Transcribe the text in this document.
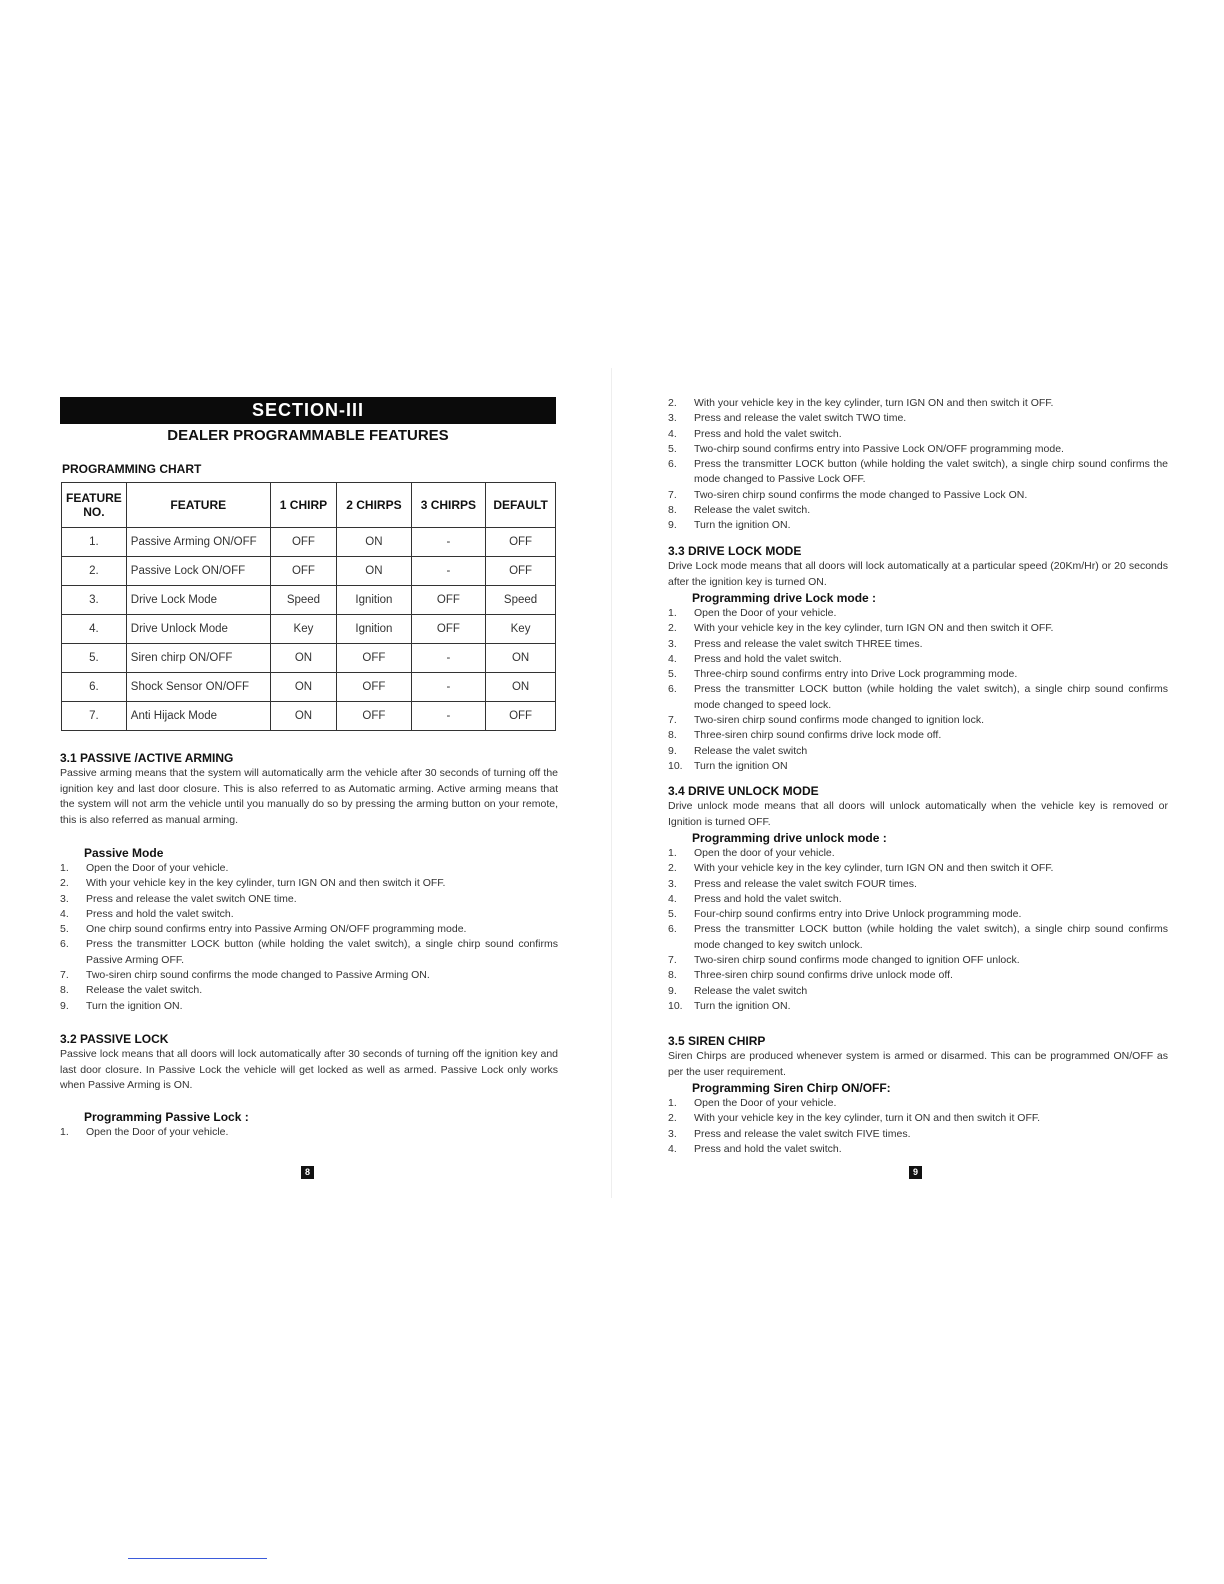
SECTION-III
DEALER PROGRAMMABLE FEATURES
PROGRAMMING CHART
FEATURE NO.	FEATURE	1 CHIRP	2 CHIRPS	3 CHIRPS	DEFAULT
1.	Passive Arming ON/OFF	OFF	ON	-	OFF
2.	Passive Lock ON/OFF	OFF	ON	-	OFF
3.	Drive Lock Mode	Speed	Ignition	OFF	Speed
4.	Drive Unlock Mode	Key	Ignition	OFF	Key
5.	Siren chirp ON/OFF	ON	OFF	-	ON
6.	Shock Sensor ON/OFF	ON	OFF	-	ON
7.	Anti Hijack Mode	ON	OFF	-	OFF
3.1 PASSIVE /ACTIVE ARMING
Passive arming means that the system will automatically arm the vehicle after 30 seconds of turning off the ignition key and last door closure. This is also referred to as Automatic arming. Active arming means that the system will not arm the vehicle until you manually do so by pressing the arming button on your remote, this is also referred as manual arming.
Passive Mode
1.	Open the Door of your vehicle.
2.	With your vehicle key in the key cylinder, turn IGN ON and then switch it OFF.
3.	Press and release the valet switch ONE time.
4.	Press and hold the valet switch.
5.	One chirp sound confirms entry into Passive Arming ON/OFF programming mode.
6.	Press the transmitter LOCK button (while holding the valet switch), a single chirp sound confirms Passive Arming OFF.
7.	Two-siren chirp sound confirms the mode changed to Passive Arming ON.
8.	Release the valet switch.
9.	Turn the ignition ON.
3.2 PASSIVE LOCK
Passive lock means that all doors will lock automatically after 30 seconds of turning off the ignition key and last door closure. In Passive Lock the vehicle will get locked as well as armed. Passive Lock only works when Passive Arming is ON.
Programming Passive Lock :
1.	Open the Door of your vehicle.
8
2.	With your vehicle key in the key cylinder, turn IGN ON and then switch it OFF.
3.	Press and release the valet switch TWO time.
4.	Press and hold the valet switch.
5.	Two-chirp sound confirms entry into Passive Lock ON/OFF programming mode.
6.	Press the transmitter LOCK button (while holding the valet switch), a single chirp sound confirms the mode changed to Passive Lock OFF.
7.	Two-siren chirp sound confirms the mode changed to Passive Lock ON.
8.	Release the valet switch.
9.	Turn the ignition ON.
3.3 DRIVE LOCK MODE
Drive Lock mode means that all doors will lock automatically at a particular speed (20Km/Hr) or 20 seconds after the ignition key is turned ON.
Programming drive Lock mode :
1.	Open the Door of your vehicle.
2.	With your vehicle key in the key cylinder, turn IGN ON and then switch it OFF.
3.	Press and release the valet switch THREE times.
4.	Press and hold the valet switch.
5.	Three-chirp sound confirms entry into Drive Lock programming mode.
6.	Press the transmitter LOCK button (while holding the valet switch), a single chirp sound confirms mode changed to speed lock.
7.	Two-siren chirp sound confirms mode changed to ignition lock.
8.	Three-siren chirp sound confirms drive lock mode off.
9.	Release the valet switch
10.	Turn the ignition ON
3.4 DRIVE UNLOCK MODE
Drive unlock mode means that all doors will unlock automatically when the vehicle key is removed or Ignition is turned OFF.
Programming drive unlock mode :
1.	Open the door of your vehicle.
2.	With your vehicle key in the key cylinder, turn IGN ON and then switch it OFF.
3.	Press and release the valet switch FOUR times.
4.	Press and hold the valet switch.
5.	Four-chirp sound confirms entry into Drive Unlock programming mode.
6.	Press the transmitter LOCK button (while holding the valet switch), a single chirp sound confirms mode changed to key switch unlock.
7.	Two-siren chirp sound confirms mode changed to ignition OFF unlock.
8.	Three-siren chirp sound confirms drive unlock mode off.
9.	Release the valet switch
10.	Turn the ignition ON.
3.5 SIREN CHIRP
Siren Chirps are produced whenever system is armed or disarmed. This can be programmed ON/OFF as per the user requirement.
Programming Siren Chirp ON/OFF:
1.	Open the Door of your vehicle.
2.	With your vehicle key in the key cylinder, turn it ON and then switch it OFF.
3.	Press and release the valet switch FIVE times.
4.	Press and hold the valet switch.
9
